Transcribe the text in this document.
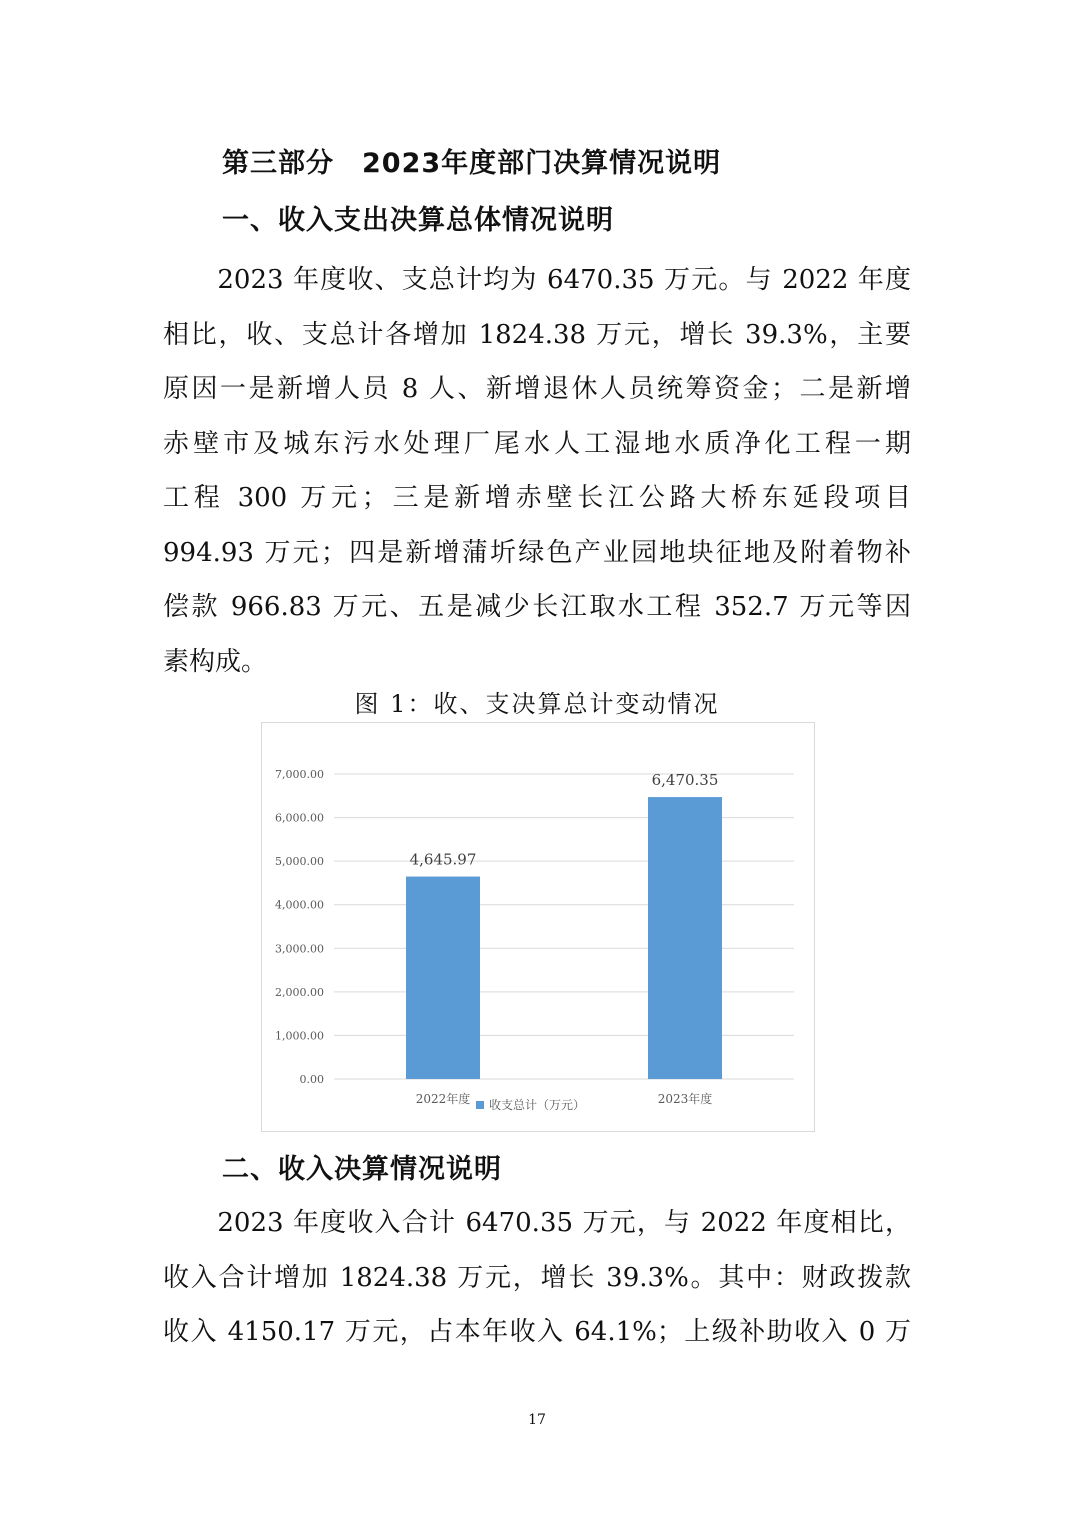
第三部分　2023年度部门决算情况说明
一、收入支出决算总体情况说明

　　2023 年度收、支总计均为 6470.35 万元。与 2022 年度
相比，收、支总计各增加 1824.38 万元，增长 39.3%，主要
原因一是新增人员 8 人、新增退休人员统筹资金；二是新增
赤壁市及城东污水处理厂尾水人工湿地水质净化工程一期
工程 300 万元；三是新增赤壁长江公路大桥东延段项目
994.93 万元；四是新增蒲圻绿色产业园地块征地及附着物补
偿款 966.83 万元、五是减少长江取水工程 352.7 万元等因
素构成。

图 1：收、支决算总计变动情况
0.00
1,000.00
2,000.00
3,000.00
4,000.00
5,000.00
6,000.00
7,000.00
4,645.97
2022年度
6,470.35
2023年度
收支总计（万元）
二、收入决算情况说明

　　2023 年度收入合计 6470.35 万元，与 2022 年度相比，
收入合计增加 1824.38 万元，增长 39.3%。其中：财政拨款
收入 4150.17 万元，占本年收入 64.1%；上级补助收入 0 万

17
